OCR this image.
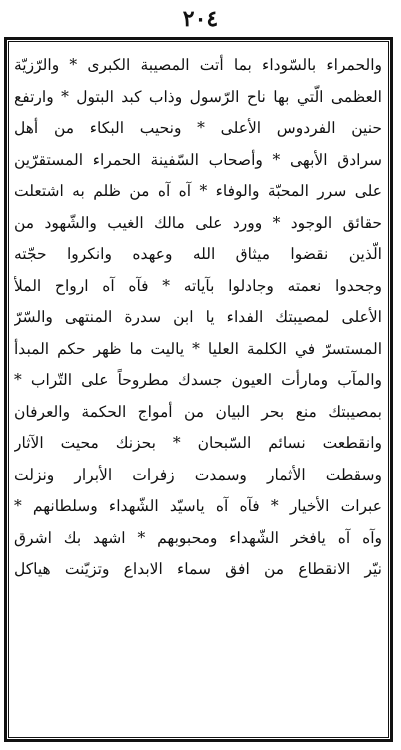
٢٠٤
والحمراء بالسّوداء بما أتت المصيبة الكبرى * والرّزيّة
العظمى الّتي بها ناح الرّسول وذاب كبد البتول * وارتفع
حنين الفردوس الأعلى * ونحيب البكاء من أهل
سرادق الأبهى * وأصحاب السّفينة الحمراء المستقرّين
على سرر المحبّة والوفاء * آه آه من ظلم به اشتعلت
حقائق الوجود * وورد على مالك الغيب والشّهود من
الّذين نقضوا ميثاق الله وعهده وانكروا حجّته
وجحدوا نعمته وجادلوا بآياته * فآه آه ارواح الملأ
الأعلى لمصيبتك الفداء يا ابن سدرة المنتهى والسّرّ
المستسرّ في الكلمة العليا * ياليت ما ظهر حكم المبدأ
والمآب ومارأت العيون جسدك مطروحاً على التّراب *
بمصيبتك منع بحر البيان من أمواج الحكمة والعرفان
وانقطعت نسائم السّبحان * بحزنك محيت الآثار
وسقطت الأثمار وسمدت زفرات الأبرار ونزلت
عبرات الأخيار * فآه آه ياسيّد الشّهداء وسلطانهم *
وآه آه يافخر الشّهداء ومحبوبهم * اشهد بك اشرق
نيّر الانقطاع من افق سماء الابداع وتزيّنت هياكل
